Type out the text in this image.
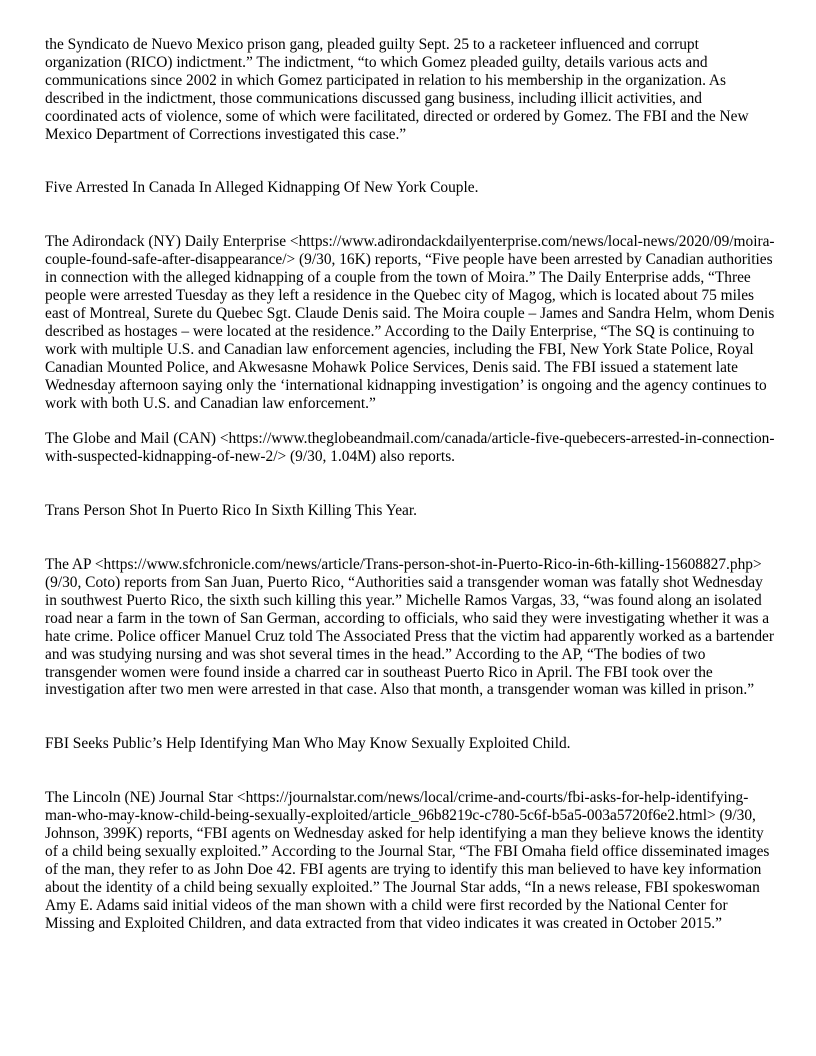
the Syndicato de Nuevo Mexico prison gang, pleaded guilty Sept. 25 to a racketeer influenced and corrupt organization (RICO) indictment.” The indictment, “to which Gomez pleaded guilty, details various acts and communications since 2002 in which Gomez participated in relation to his membership in the organization. As described in the indictment, those communications discussed gang business, including illicit activities, and coordinated acts of violence, some of which were facilitated, directed or ordered by Gomez. The FBI and the New Mexico Department of Corrections investigated this case.”

Five Arrested In Canada In Alleged Kidnapping Of New York Couple.

The Adirondack (NY) Daily Enterprise <https://www.adirondackdailyenterprise.com/news/local-news/2020/09/moira-couple-found-safe-after-disappearance/> (9/30, 16K) reports, “Five people have been arrested by Canadian authorities in connection with the alleged kidnapping of a couple from the town of Moira.” The Daily Enterprise adds, “Three people were arrested Tuesday as they left a residence in the Quebec city of Magog, which is located about 75 miles east of Montreal, Surete du Quebec Sgt. Claude Denis said. The Moira couple – James and Sandra Helm, whom Denis described as hostages – were located at the residence.” According to the Daily Enterprise, “The SQ is continuing to work with multiple U.S. and Canadian law enforcement agencies, including the FBI, New York State Police, Royal Canadian Mounted Police, and Akwesasne Mohawk Police Services, Denis said. The FBI issued a statement late Wednesday afternoon saying only the ‘international kidnapping investigation’ is ongoing and the agency continues to work with both U.S. and Canadian law enforcement.”

The Globe and Mail (CAN) <https://www.theglobeandmail.com/canada/article-five-quebecers-arrested-in-connection-with-suspected-kidnapping-of-new-2/> (9/30, 1.04M) also reports.

Trans Person Shot In Puerto Rico In Sixth Killing This Year.

The AP <https://www.sfchronicle.com/news/article/Trans-person-shot-in-Puerto-Rico-in-6th-killing-15608827.php> (9/30, Coto) reports from San Juan, Puerto Rico, “Authorities said a transgender woman was fatally shot Wednesday in southwest Puerto Rico, the sixth such killing this year.” Michelle Ramos Vargas, 33, “was found along an isolated road near a farm in the town of San German, according to officials, who said they were investigating whether it was a hate crime. Police officer Manuel Cruz told The Associated Press that the victim had apparently worked as a bartender and was studying nursing and was shot several times in the head.” According to the AP, “The bodies of two transgender women were found inside a charred car in southeast Puerto Rico in April. The FBI took over the investigation after two men were arrested in that case. Also that month, a transgender woman was killed in prison.”

FBI Seeks Public’s Help Identifying Man Who May Know Sexually Exploited Child.

The Lincoln (NE) Journal Star <https://journalstar.com/news/local/crime-and-courts/fbi-asks-for-help-identifying-man-who-may-know-child-being-sexually-exploited/article_96b8219c-c780-5c6f-b5a5-003a5720f6e2.html> (9/30, Johnson, 399K) reports, “FBI agents on Wednesday asked for help identifying a man they believe knows the identity of a child being sexually exploited.” According to the Journal Star, “The FBI Omaha field office disseminated images of the man, they refer to as John Doe 42. FBI agents are trying to identify this man believed to have key information about the identity of a child being sexually exploited.” The Journal Star adds, “In a news release, FBI spokeswoman Amy E. Adams said initial videos of the man shown with a child were first recorded by the National Center for Missing and Exploited Children, and data extracted from that video indicates it was created in October 2015.”
